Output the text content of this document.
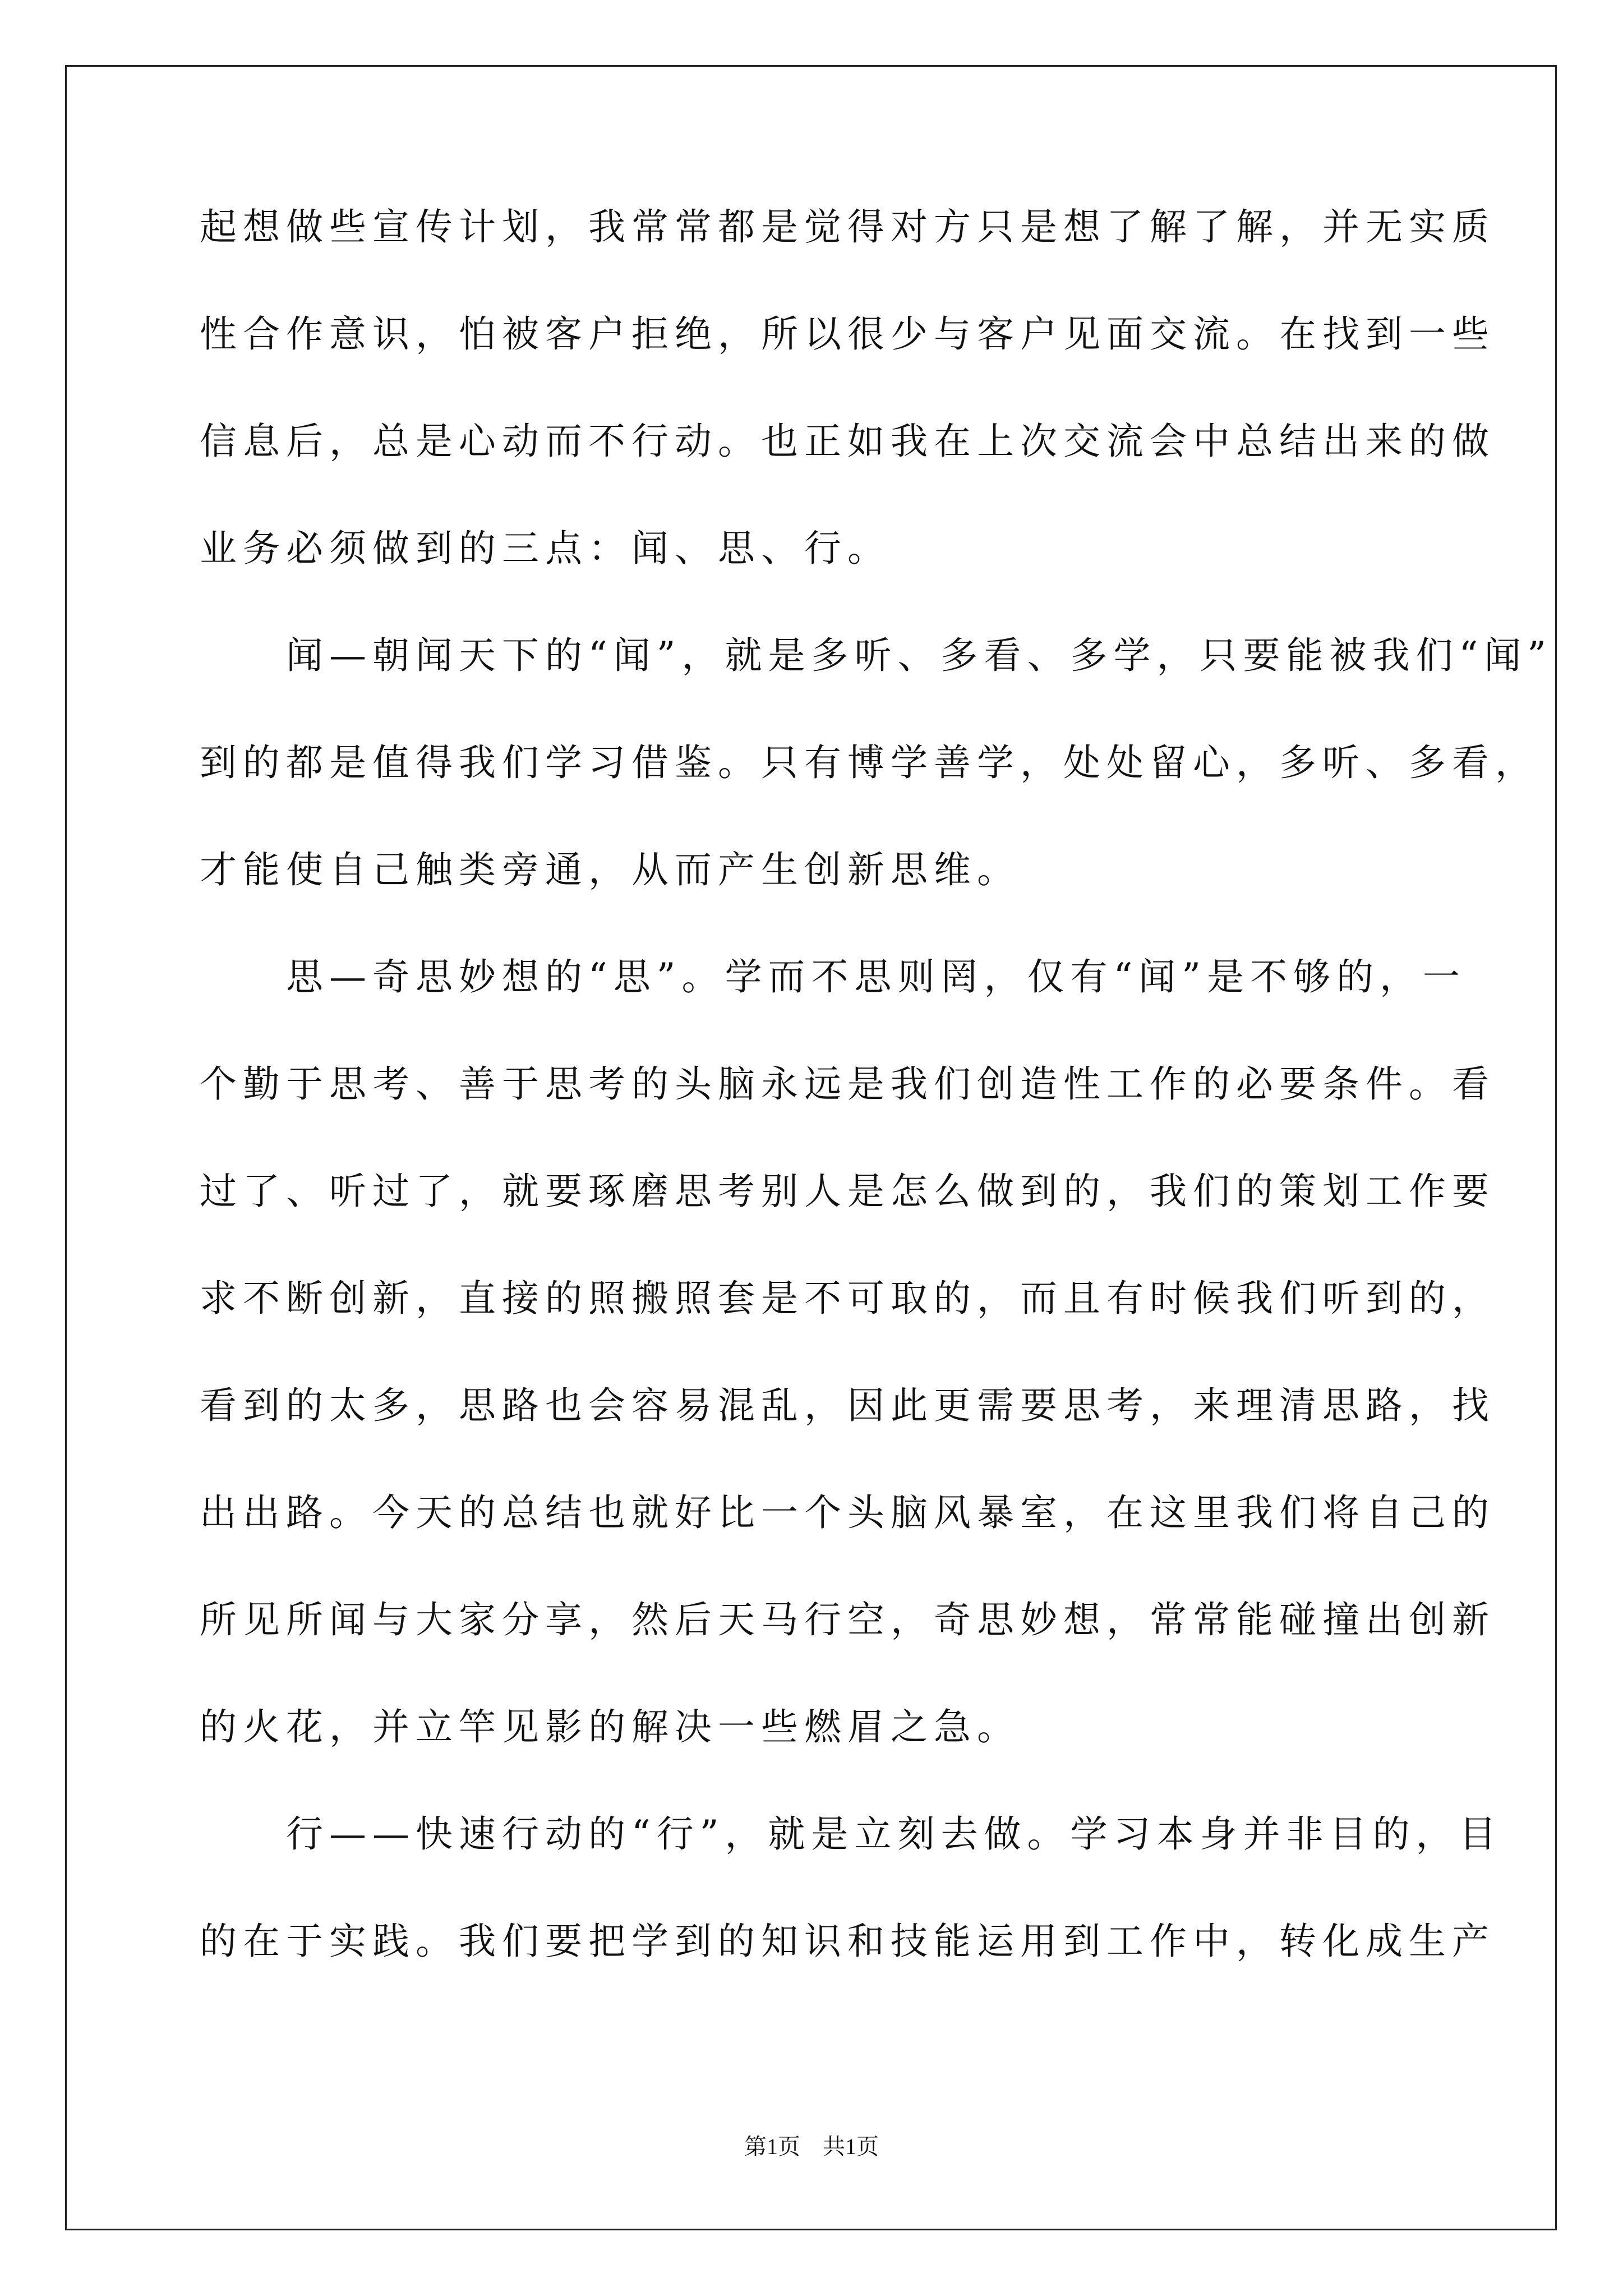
起想做些宣传计划，我常常都是觉得对方只是想了解了解，并无实质
性合作意识，怕被客户拒绝，所以很少与客户见面交流。在找到一些
信息后，总是心动而不行动。也正如我在上次交流会中总结出来的做
业务必须做到的三点：闻、思、行。
　　闻—朝闻天下的“闻”，就是多听、多看、多学，只要能被我们“闻”
到的都是值得我们学习借鉴。只有博学善学，处处留心，多听、多看，
才能使自己触类旁通，从而产生创新思维。
　　思—奇思妙想的“思”。学而不思则罔，仅有“闻”是不够的，一
个勤于思考、善于思考的头脑永远是我们创造性工作的必要条件。看
过了、听过了，就要琢磨思考别人是怎么做到的，我们的策划工作要
求不断创新，直接的照搬照套是不可取的，而且有时候我们听到的，
看到的太多，思路也会容易混乱，因此更需要思考，来理清思路，找
出出路。今天的总结也就好比一个头脑风暴室，在这里我们将自己的
所见所闻与大家分享，然后天马行空，奇思妙想，常常能碰撞出创新
的火花，并立竿见影的解决一些燃眉之急。
　　行——快速行动的“行”，就是立刻去做。学习本身并非目的，目
的在于实践。我们要把学到的知识和技能运用到工作中，转化成生产
第1页　共1页
